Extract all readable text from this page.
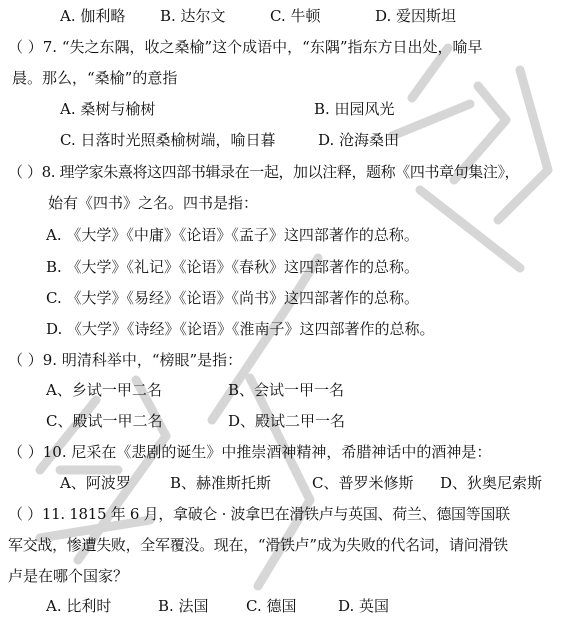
A. 伽利略 B. 达尔文	C. 牛顿	D. 爱因斯坦
（ ）7. “失之东隅，收之桑榆”这个成语中，“东隅”指东方日出处，喻早
晨。那么，“桑榆”的意指
A. 桑树与榆树	B. 田园风光
C. 日落时光照桑榆树端，喻日暮	D. 沧海桑田
（ ）8. 理学家朱熹将这四部书辑录在一起，加以注释，题称《四书章句集注》，
始有《四书》之名。四书是指：
A. 《大学》《中庸》《论语》《孟子》这四部著作的总称。
B. 《大学》《礼记》《论语》《春秋》这四部著作的总称。
C. 《大学》《易经》《论语》《尚书》这四部著作的总称。
D. 《大学》《诗经》《论语》《淮南子》这四部著作的总称。
（ ）9. 明清科举中，“榜眼”是指：
A、乡试一甲二名	B、会试一甲一名
C、殿试一甲二名	D、殿试二甲一名
（ ）10. 尼采在《悲剧的诞生》中推崇酒神精神，希腊神话中的酒神是：
A、阿波罗	B、赫准斯托斯	C、普罗米修斯 D、狄奥尼索斯
（ ）11. 1815 年 6 月，拿破仑 · 波拿巴在滑铁卢与英国、荷兰、德国等国联
军交战，惨遭失败，全军覆没。现在，“滑铁卢”成为失败的代名词，请问滑铁
卢是在哪个国家？
A. 比利时	B. 法国 C. 德国	D. 英国
